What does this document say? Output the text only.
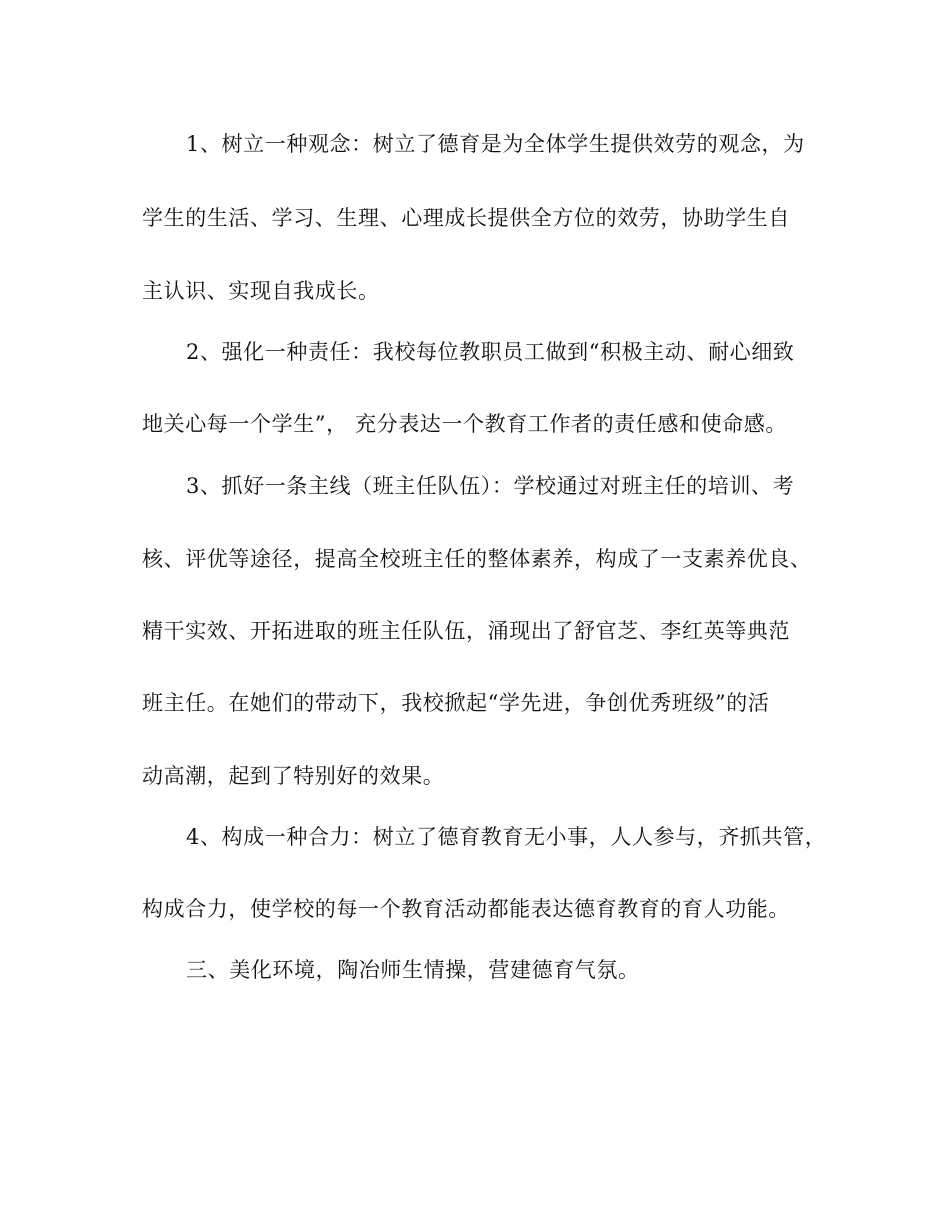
1、树立一种观念：树立了德育是为全体学生提供效劳的观念，为
学生的生活、学习、生理、心理成长提供全方位的效劳，协助学生自
主认识、实现自我成长。
2、强化一种责任：我校每位教职员工做到“积极主动、耐心细致
地关心每一个学生”， 充分表达一个教育工作者的责任感和使命感。
3、抓好一条主线（班主任队伍）：学校通过对班主任的培训、考
核、评优等途径，提高全校班主任的整体素养，构成了一支素养优良、
精干实效、开拓进取的班主任队伍，涌现出了舒官芝、李红英等典范
班主任。在她们的带动下，我校掀起“学先进，争创优秀班级”的活
动高潮，起到了特别好的效果。
4、构成一种合力：树立了德育教育无小事，人人参与，齐抓共管，
构成合力，使学校的每一个教育活动都能表达德育教育的育人功能。
三、美化环境，陶冶师生情操，营建德育气氛。
